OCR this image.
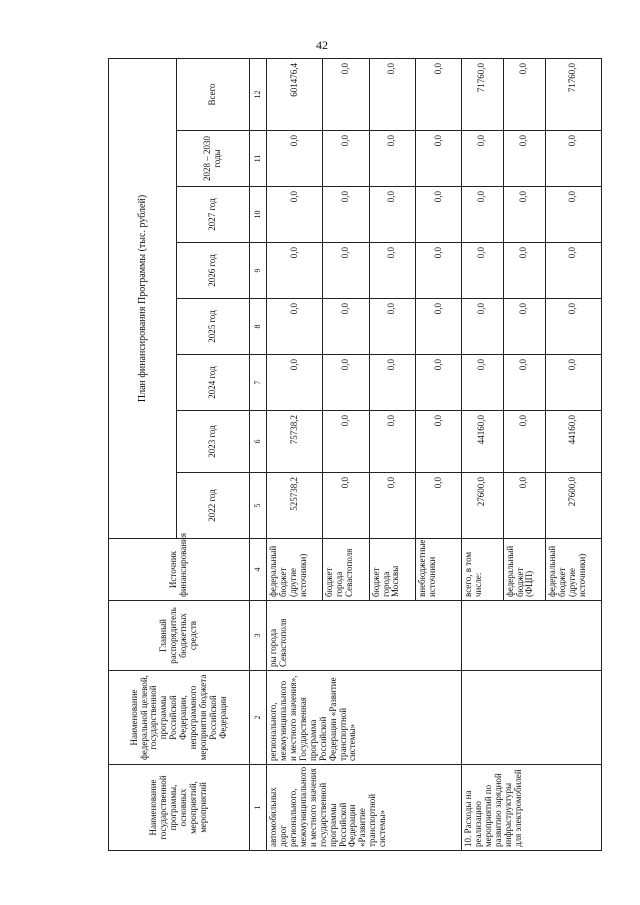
42
Наименование государственной программы, основных мероприятий, мероприятий	Наименование федеральной целевой, государственной программы Российской Федерации, непрограммного мероприятия бюджета Российской Федерации	Главный распорядитель бюджетных средств	Источник финансирования	План финансирования Программы (тыс. рублей)							
				2022 год	2023 год	2024 год	2025 год	2026 год	2027 год	2028 – 2030 годы	Всего
1	2	3	4	5	6	7	8	9	10	11	12
автомобильных дорог регионального, межмуниципального и местного значения государственной программы Российской Федерации «Развитие транспортной системы»	регионального, межмуниципального и местного значения», Государственная программа Российской Федерации «Развитие транспортной системы»	ры города Севастополя	федеральный бюджет (другие источники)	525738,2	75738,2	0,0	0,0	0,0	0,0	0,0	601476,4
			бюджет города Севастополя	0,0	0,0	0,0	0,0	0,0	0,0	0,0	0,0
			бюджет города Москвы	0,0	0,0	0,0	0,0	0,0	0,0	0,0	0,0
			внебюджетные источники	0,0	0,0	0,0	0,0	0,0	0,0	0,0	0,0
10. Расходы на реализацию мероприятий по развитию зарядной инфраструктуры для электромобилей			всего, в том числе:	27600,0	44160,0	0,0	0,0	0,0	0,0	0,0	71760,0
			федеральный бюджет (ФЦП)	0,0	0,0	0,0	0,0	0,0	0,0	0,0	0,0
			федеральный бюджет (другие источники)	27600,0	44160,0	0,0	0,0	0,0	0,0	0,0	71760,0
